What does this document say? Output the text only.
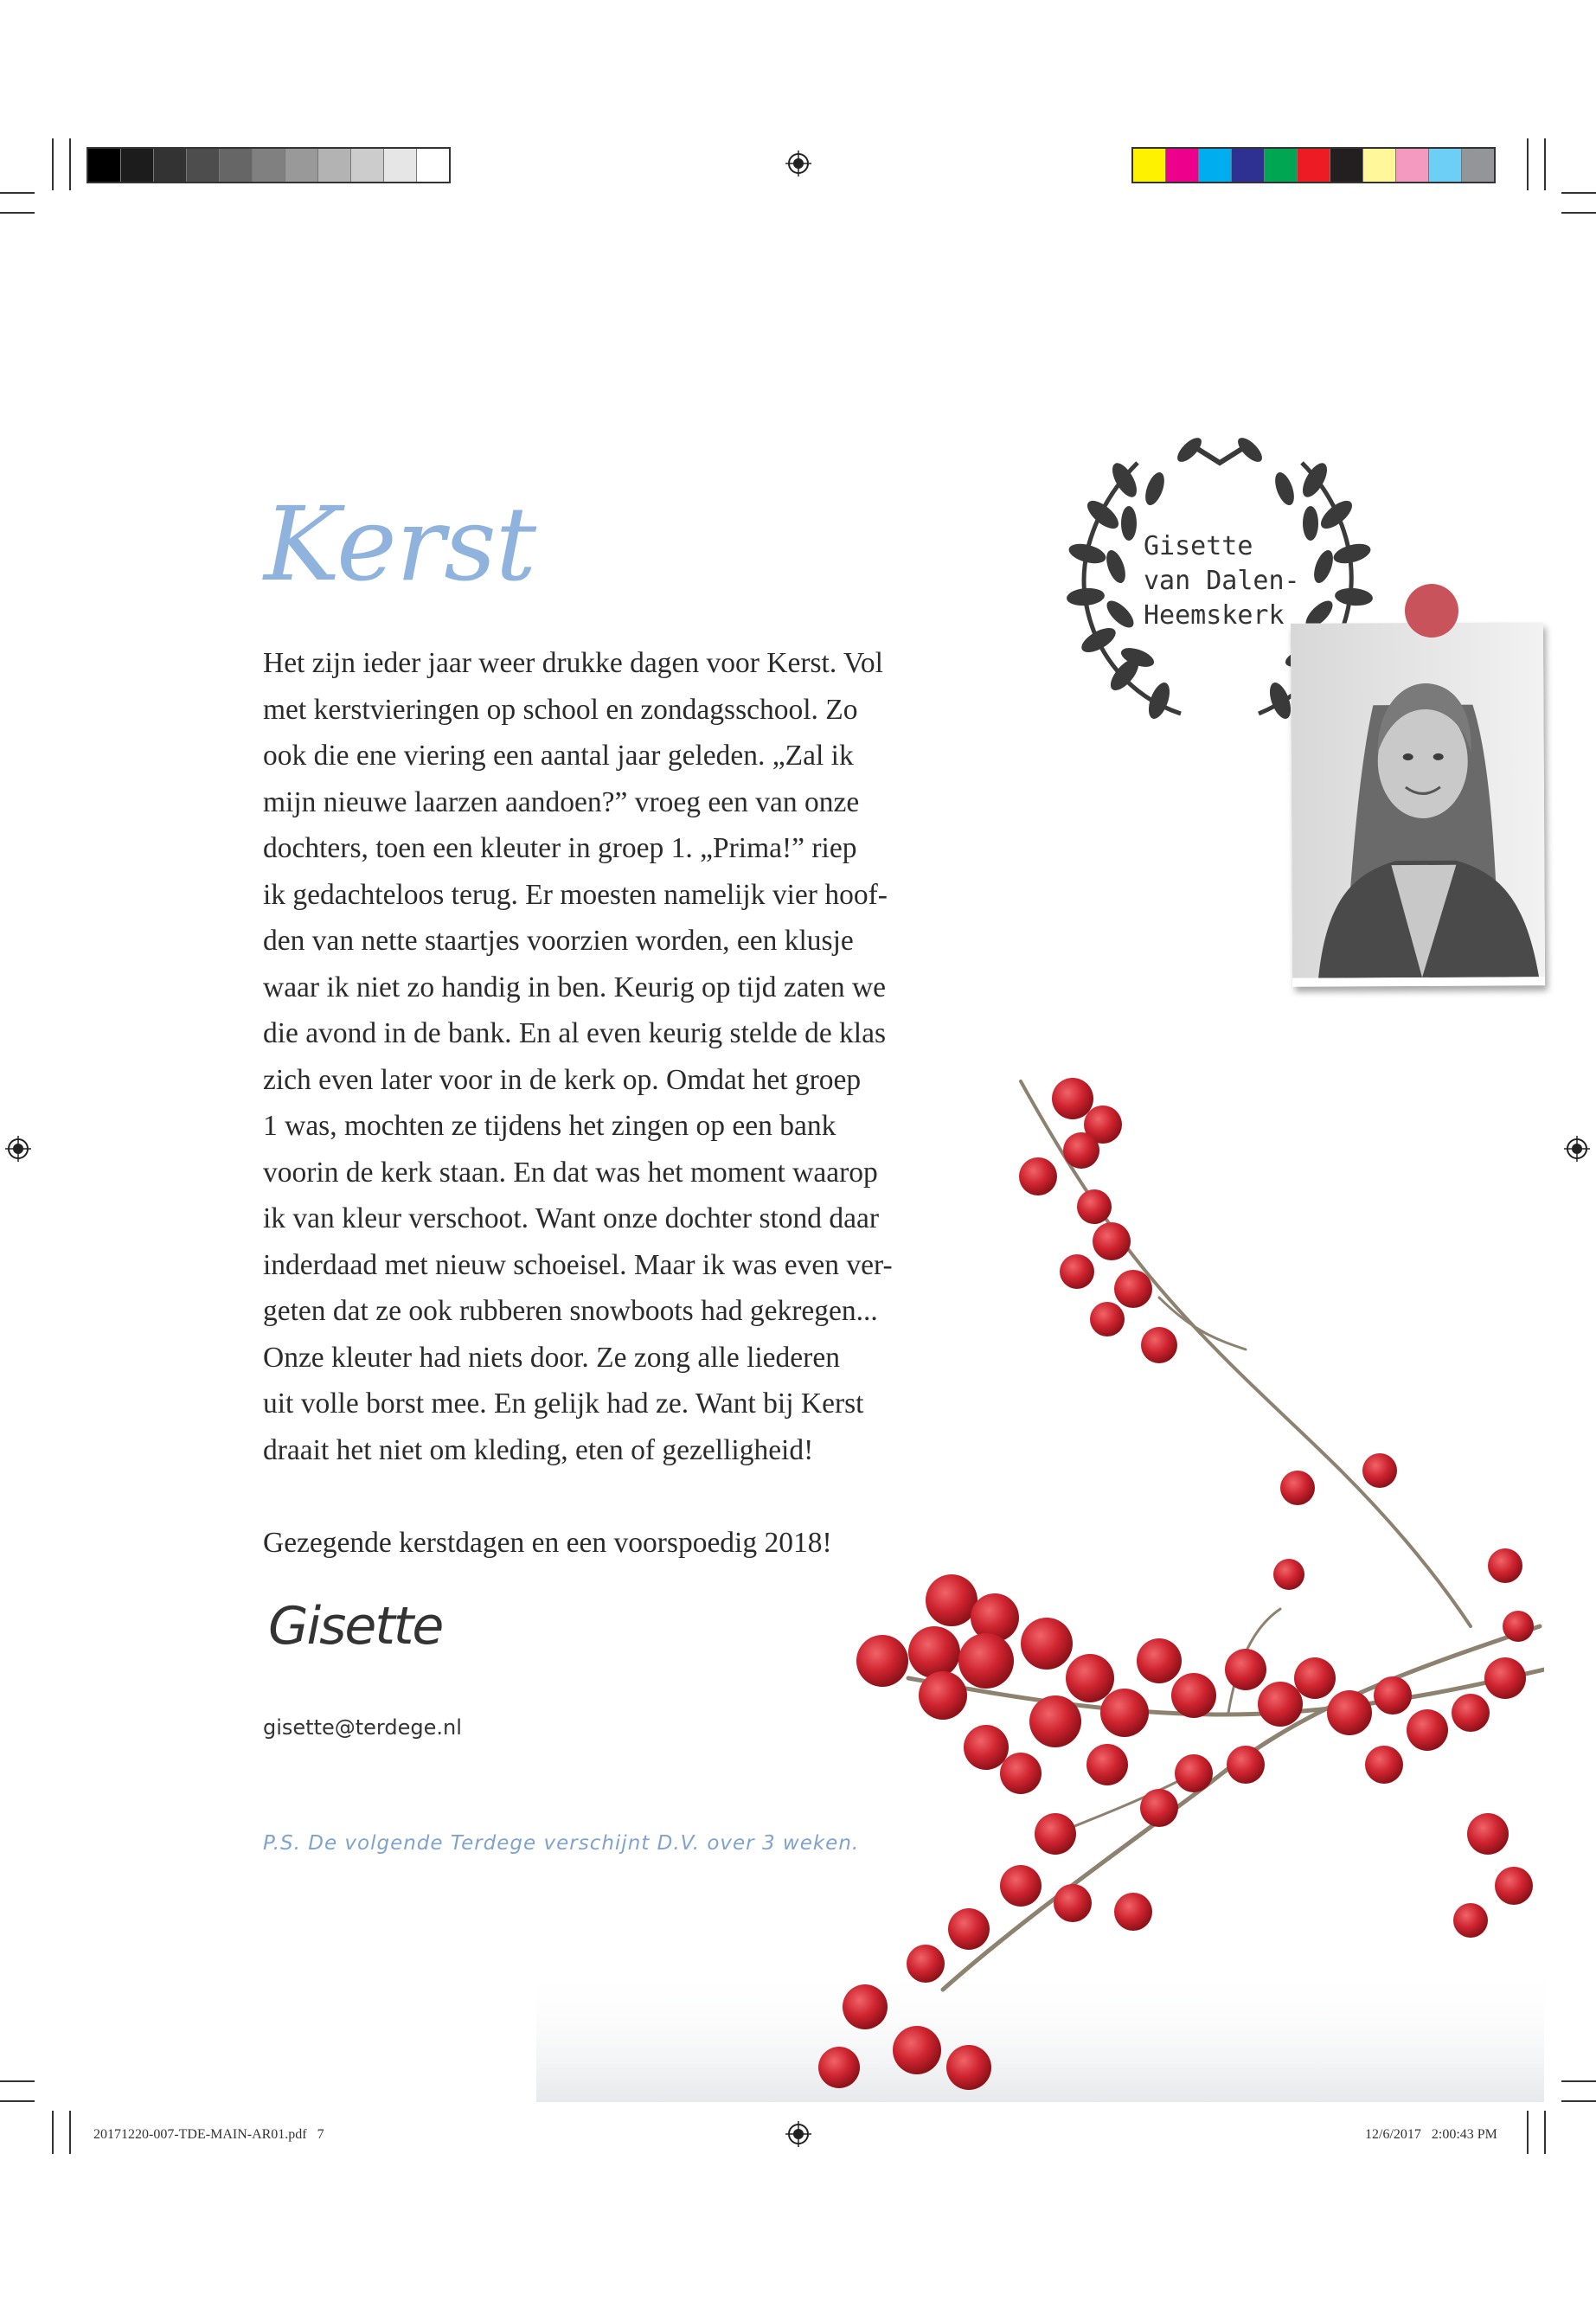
Gisette
van Dalen-
Heemskerk
Kerst

Het zijn ieder jaar weer drukke dagen voor Kerst. Vol
met kerstvieringen op school en zondagsschool. Zo
ook die ene viering een aantal jaar geleden. „Zal ik
mijn nieuwe laarzen aandoen?” vroeg een van onze
dochters, toen een kleuter in groep 1. „Prima!” riep
ik gedachteloos terug. Er moesten namelijk vier hoof-
den van nette staartjes voorzien worden, een klusje
waar ik niet zo handig in ben. Keurig op tijd zaten we
die avond in de bank. En al even keurig stelde de klas
zich even later voor in de kerk op. Omdat het groep
1 was, mochten ze tijdens het zingen op een bank
voorin de kerk staan. En dat was het moment waarop
ik van kleur verschoot. Want onze dochter stond daar
inderdaad met nieuw schoeisel. Maar ik was even ver-
geten dat ze ook rubberen snowboots had gekregen...
Onze kleuter had niets door. Ze zong alle liederen
uit volle borst mee. En gelijk had ze. Want bij Kerst
draait het niet om kleding, eten of gezelligheid!

Gezegende kerstdagen en een voorspoedig 2018!
Gisette
gisette@terdege.nl
P.S. De volgende Terdege verschijnt D.V. over 3 weken.
20171220-007-TDE-MAIN-AR01.pdf   7	12/6/2017   2:00:43 PM
